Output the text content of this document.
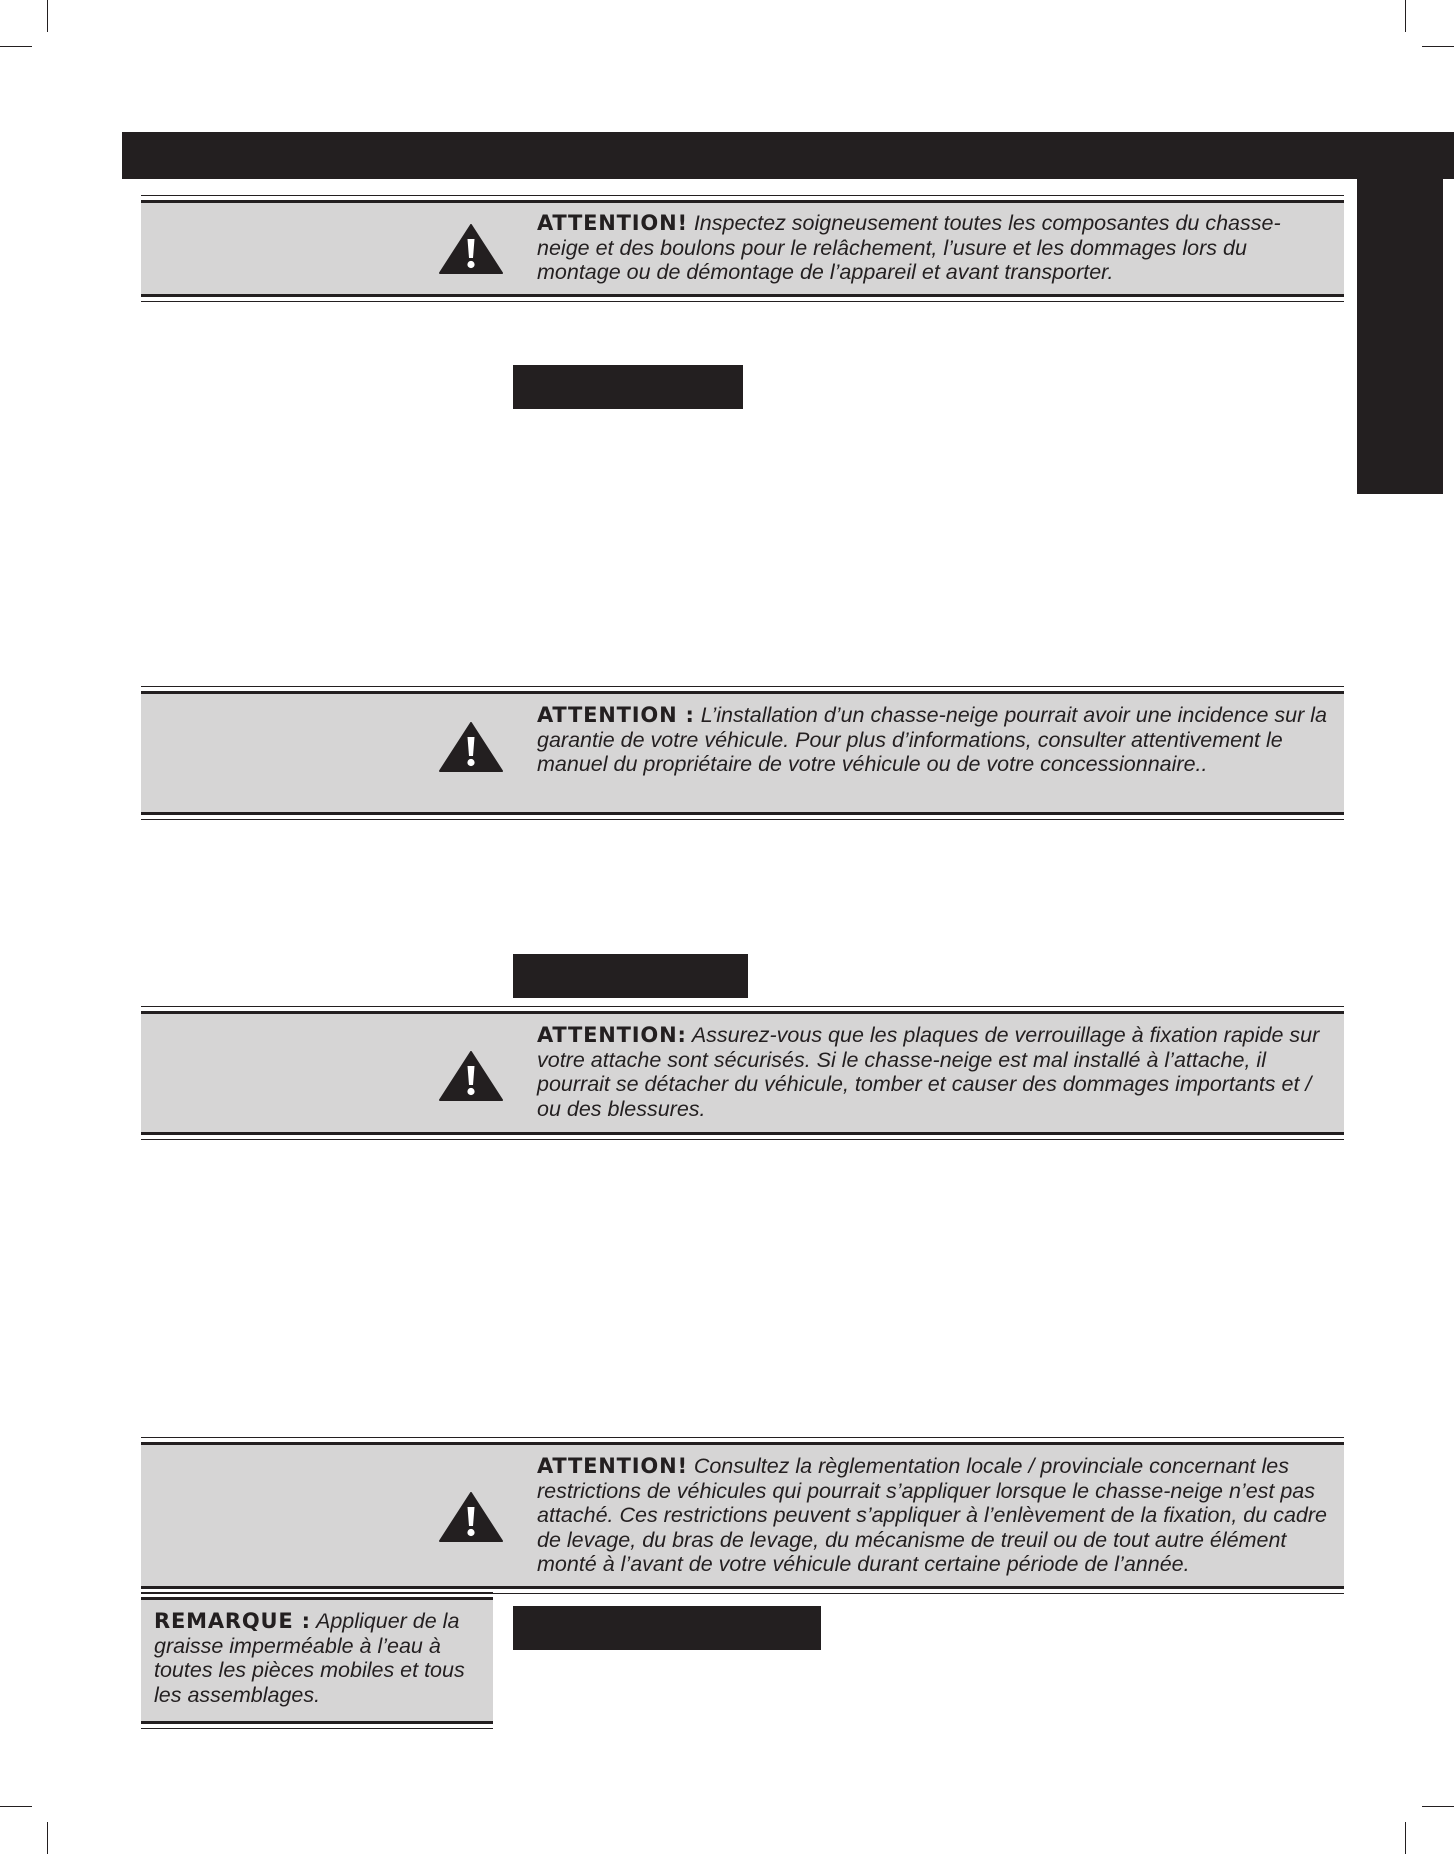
ATTENTION! Inspectez soigneusement toutes les composantes du chasse-neige et des boulons pour le relâchement, l’usure et les dommages lors du montage ou de démontage de l’appareil et avant transporter.
ATTENTION : L’installation d’un chasse-neige pourrait avoir une incidence sur la garantie de votre véhicule. Pour plus d’informations, consulter attentivement le manuel du propriétaire de votre véhicule ou de votre concessionnaire..
ATTENTION: Assurez-vous que les plaques de verrouillage à fixation rapide sur votre attache sont sécurisés. Si le chasse-neige est mal installé à l’attache, il pourrait se détacher du véhicule, tomber et causer des dommages importants et / ou des blessures.
ATTENTION! Consultez la règlementation locale / provinciale concernant les restrictions de véhicules qui pourrait s’appliquer lorsque le chasse-neige n’est pas attaché. Ces restrictions peuvent s’appliquer à l’enlèvement de la fixation, du cadre de levage, du bras de levage, du mécanisme de treuil ou de tout autre élément monté à l’avant de votre véhicule durant certaine période de l’année.
REMARQUE : Appliquer de la graisse imperméable à l’eau à toutes les pièces mobiles et tous les assemblages.
